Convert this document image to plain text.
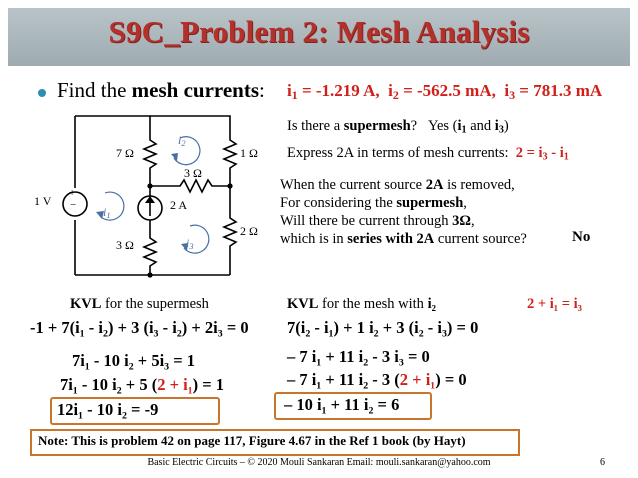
S9C_Problem 2: Mesh Analysis
Find the mesh currents: $i_1 = -1.219$ A, $i_2 = -562.5$ mA, $i_3 = 781.3$ mA
7 Ω	1 Ω
3 Ω
3 Ω
2 Ω
1 V
+
−	2 A
$i_2$
$i_1$
$i_3$
Is there a supermesh? Yes ($i_1$ and $i_3$)
Express 2A in terms of mesh currents: $2 = i_3 - i_1$
When the current source 2A is removed,
For considering the supermesh,
Will there be current through 3Ω,
which is in series with 2A current source?	No
KVL for the supermesh
-1 + 7(i₁ - i₂) + 3 (i₃ - i₂) + 2i₃ = 0
7i₁ - 10 i₂ + 5i₃ = 1
7i₁ - 10 i₂ + 5 (2 + i₁) = 1
12i₁ - 10 i₂ = -9
KVL for the mesh with i₂	2 + i₁ = i₃
7(i₂ - i₁) + 1 i₂ + 3 (i₂ - i₃) = 0
– 7 i₁ + 11 i₂ - 3 i₃ = 0
– 7 i₁ + 11 i₂ - 3 (2 + i₁) = 0
– 10 i₁ + 11 i₂ = 6
Note: This is problem 42 on page 117, Figure 4.67 in the Ref 1 book (by Hayt)
Basic Electric Circuits – © 2020 Mouli Sankaran Email: mouli.sankaran@yahoo.com	6
